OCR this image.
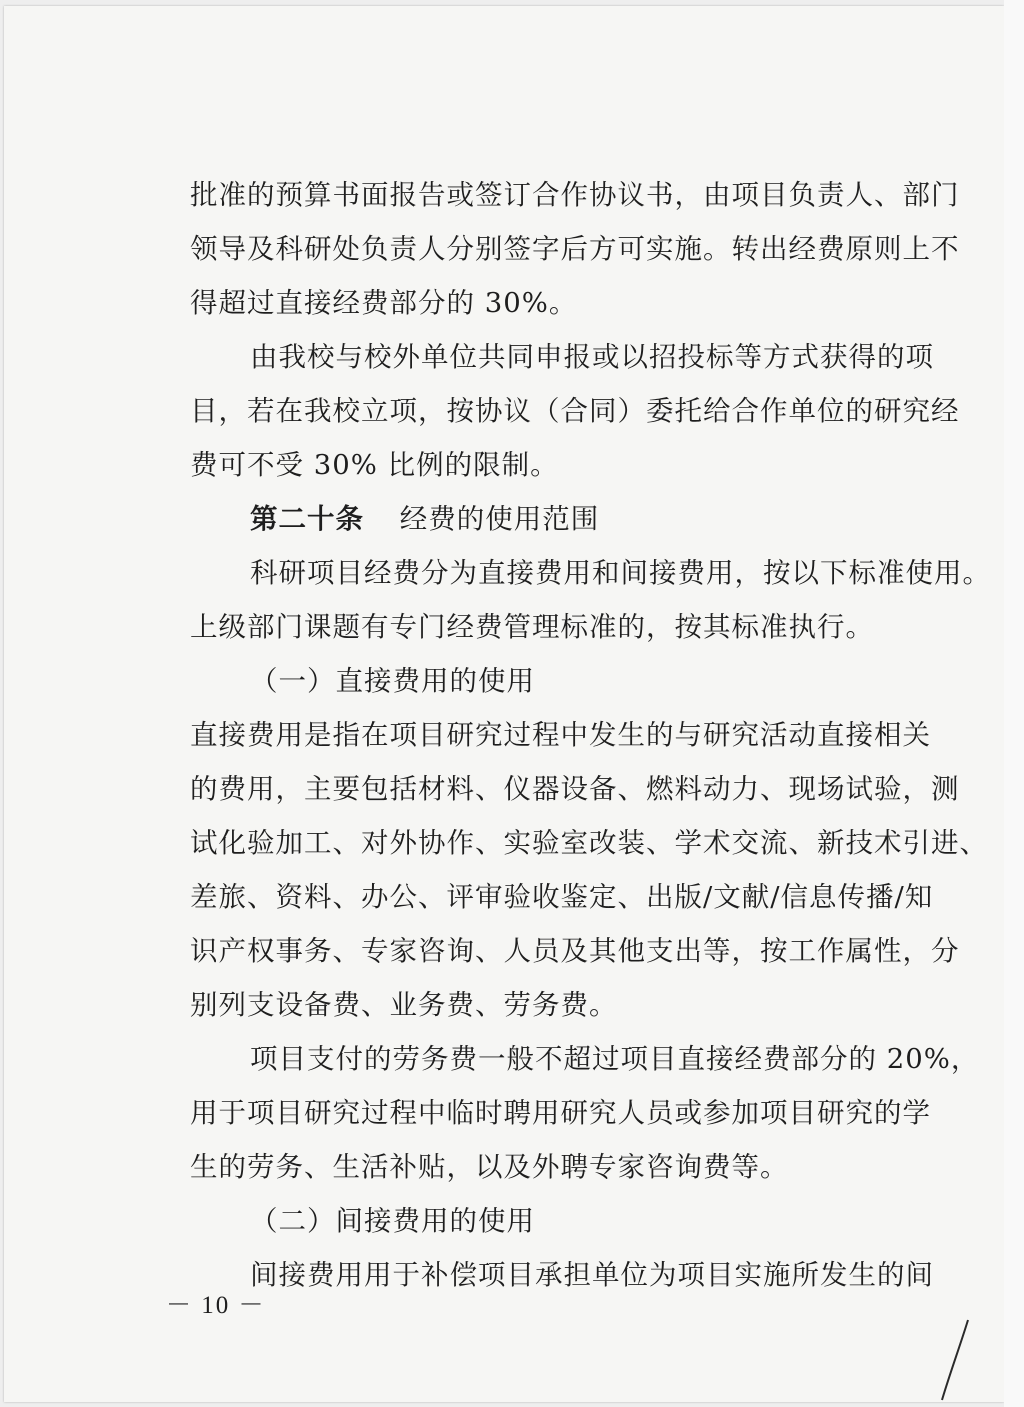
批准的预算书面报告或签订合作协议书，由项目负责人、部门
领导及科研处负责人分别签字后方可实施。转出经费原则上不
得超过直接经费部分的 30%。
由我校与校外单位共同申报或以招投标等方式获得的项
目，若在我校立项，按协议（合同）委托给合作单位的研究经
费可不受 30% 比例的限制。
第二十条 经费的使用范围
科研项目经费分为直接费用和间接费用，按以下标准使用。
上级部门课题有专门经费管理标准的，按其标准执行。
（一）直接费用的使用
直接费用是指在项目研究过程中发生的与研究活动直接相关
的费用，主要包括材料、仪器设备、燃料动力、现场试验，测
试化验加工、对外协作、实验室改装、学术交流、新技术引进、
差旅、资料、办公、评审验收鉴定、出版/文献/信息传播/知
识产权事务、专家咨询、人员及其他支出等，按工作属性，分
别列支设备费、业务费、劳务费。
项目支付的劳务费一般不超过项目直接经费部分的 20%，
用于项目研究过程中临时聘用研究人员或参加项目研究的学
生的劳务、生活补贴，以及外聘专家咨询费等。
（二）间接费用的使用
间接费用用于补偿项目承担单位为项目实施所发生的间
－ 10 －
